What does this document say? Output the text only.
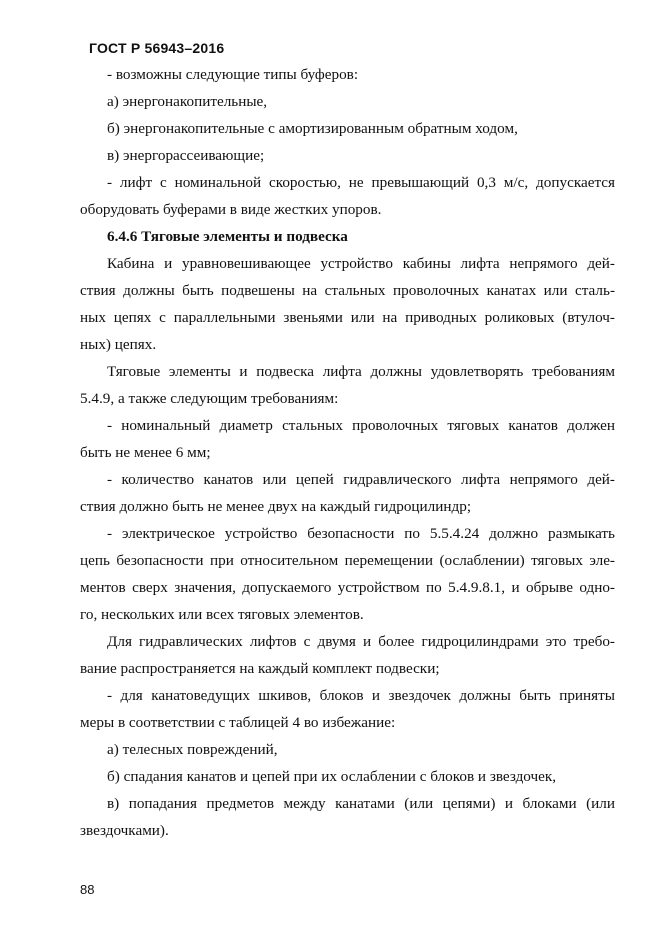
ГОСТ Р 56943–2016
- возможны следующие типы буферов:
а) энергонакопительные,
б) энергонакопительные с амортизированным обратным ходом,
в) энергорассеивающие;
- лифт с номинальной скоростью, не превышающий 0,3 м/с, допускается
оборудовать буферами в виде жестких упоров.
6.4.6 Тяговые элементы и подвеска
Кабина и уравновешивающее устройство кабины лифта непрямого дей-
ствия должны быть подвешены на стальных проволочных канатах или сталь-
ных цепях с параллельными звеньями или на приводных роликовых (втулоч-
ных) цепях.
Тяговые элементы и подвеска лифта должны удовлетворять требованиям
5.4.9, а также следующим требованиям:
- номинальный диаметр стальных проволочных тяговых канатов должен
быть не менее 6 мм;
- количество канатов или цепей гидравлического лифта непрямого дей-
ствия должно быть не менее двух на каждый гидроцилиндр;
- электрическое устройство безопасности по 5.5.4.24 должно размыкать
цепь безопасности при относительном перемещении (ослаблении) тяговых эле-
ментов сверх значения, допускаемого устройством по 5.4.9.8.1, и обрыве одно-
го, нескольких или всех тяговых элементов.
Для гидравлических лифтов с двумя и более гидроцилиндрами это требо-
вание распространяется на каждый комплект подвески;
- для канатоведущих шкивов, блоков и звездочек должны быть приняты
меры в соответствии с таблицей 4 во избежание:
а) телесных повреждений,
б) спадания канатов и цепей при их ослаблении с блоков и звездочек,
в) попадания предметов между канатами (или цепями) и блоками (или
звездочками).
88
